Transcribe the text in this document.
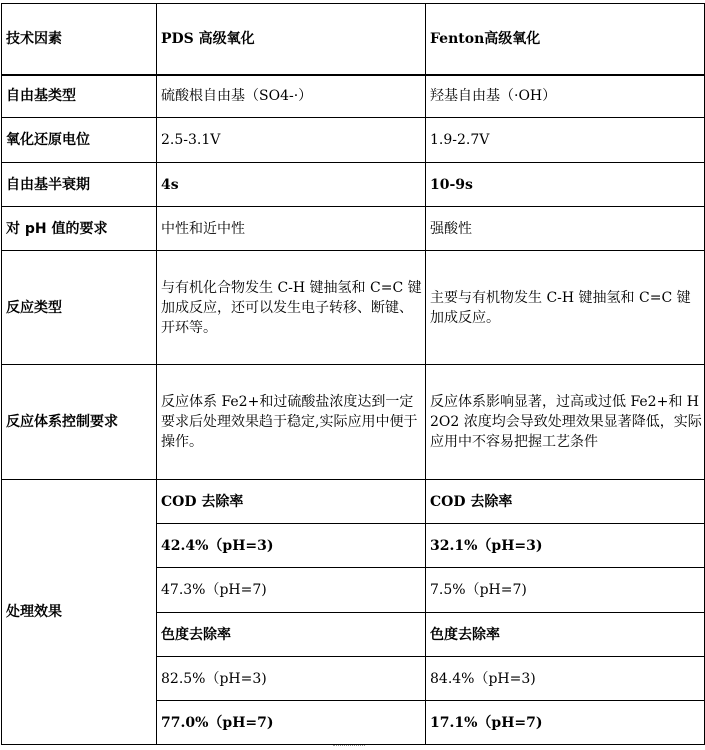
技术因素	PDS 高级氧化	Fenton高级氧化
自由基类型	硫酸根自由基（SO4-·）	羟基自由基（·OH）
氧化还原电位	2.5-3.1V	1.9-2.7V
自由基半衰期	4s	10-9s
对 pH 值的要求	中性和近中性	强酸性
反应类型	与有机化合物发生 C-H 键抽氢和 C=C 键加成反应，还可以发生电子转移、断键、开环等。	主要与有机物发生 C-H 键抽氢和 C=C 键加成反应。
反应体系控制要求	反应体系 Fe2+和过硫酸盐浓度达到一定要求后处理效果趋于稳定,实际应用中便于操作。	反应体系影响显著，过高或过低 Fe2+和 H2O2 浓度均会导致处理效果显著降低，实际应用中不容易把握工艺条件
处理效果	COD 去除率	COD 去除率
	42.4%（pH=3)	32.1%（pH=3)
	47.3%（pH=7)	7.5%（pH=7)
	色度去除率	色度去除率
	82.5%（pH=3)	84.4%（pH=3)
	77.0%（pH=7)	17.1%（pH=7)
